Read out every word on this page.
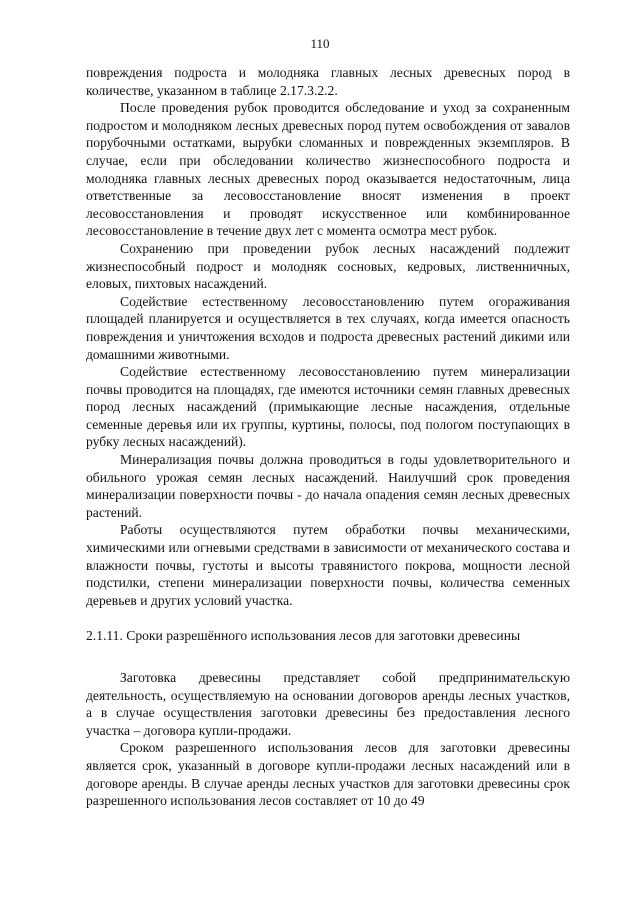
110

повреждения подроста и молодняка главных лесных древесных пород в количестве, указанном в таблице 2.17.3.2.2.

После проведения рубок проводится обследование и уход за сохраненным подростом и молодняком лесных древесных пород путем освобождения от завалов порубочными остатками, вырубки сломанных и поврежденных экземпляров. В случае, если при обследовании количество жизнеспособного подроста и молодняка главных лесных древесных пород оказывается недостаточным, лица ответственные за лесовосстановление вносят изменения в проект лесовосстановления и проводят искусственное или комбинированное лесовосстановление в течение двух лет с момента осмотра мест рубок.

Сохранению при проведении рубок лесных насаждений подлежит жизнеспособный подрост и молодняк сосновых, кедровых, лиственничных, еловых, пихтовых насаждений.

Содействие естественному лесовосстановлению путем огораживания площадей планируется и осуществляется в тех случаях, когда имеется опасность повреждения и уничтожения всходов и подроста древесных растений дикими или домашними животными.

Содействие естественному лесовосстановлению путем минерализации почвы проводится на площадях, где имеются источники семян главных древесных пород лесных насаждений (примыкающие лесные насаждения, отдельные семенные деревья или их группы, куртины, полосы, под пологом поступающих в рубку лесных насаждений).

Минерализация почвы должна проводиться в годы удовлетворительного и обильного урожая семян лесных насаждений. Наилучший срок проведения минерализации поверхности почвы - до начала опадения семян лесных древесных растений.

Работы осуществляются путем обработки почвы механическими, химическими или огневыми средствами в зависимости от механического состава и влажности почвы, густоты и высоты травянистого покрова, мощности лесной подстилки, степени минерализации поверхности почвы, количества семенных деревьев и других условий участка.

2.1.11. Сроки разрешённого использования лесов для заготовки древесины

Заготовка древесины представляет собой предпринимательскую деятельность, осуществляемую на основании договоров аренды лесных участков, а в случае осуществления заготовки древесины без предоставления лесного участка – договора купли-продажи.

Сроком разрешенного использования лесов для заготовки древесины является срок, указанный в договоре купли-продажи лесных насаждений или в договоре аренды. В случае аренды лесных участков для заготовки древесины срок разрешенного использования лесов составляет от 10 до 49
